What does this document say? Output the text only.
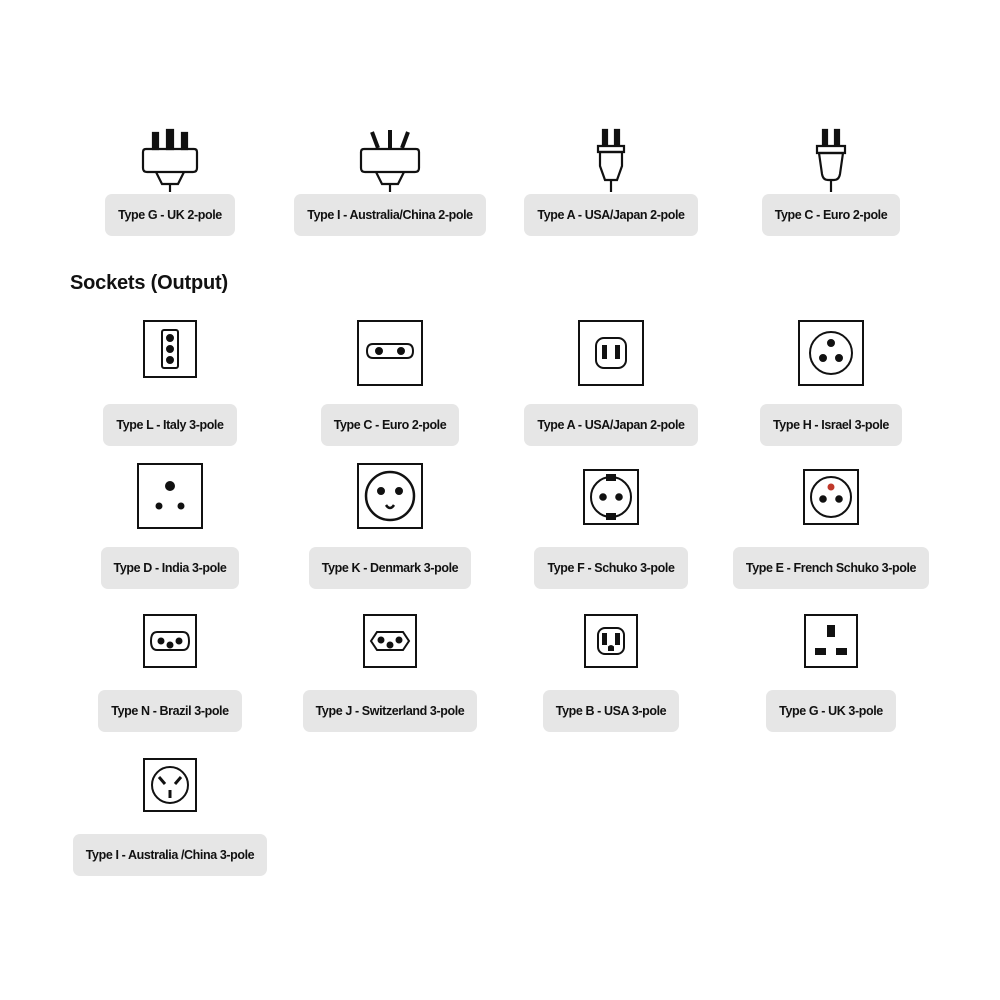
Type G - UK 2-pole	Type I - Australia/China 2-pole	Type A - USA/Japan 2-pole	Type C - Euro 2-pole
Sockets (Output)
Type L - Italy 3-pole	Type C - Euro 2-pole	Type A - USA/Japan 2-pole	Type H - Israel 3-pole
Type D - India 3-pole	Type K - Denmark 3-pole	Type F - Schuko 3-pole	Type E - French Schuko 3-pole
Type N - Brazil 3-pole	Type J - Switzerland 3-pole	Type B - USA 3-pole	Type G - UK 3-pole
Type I - Australia /China 3-pole
